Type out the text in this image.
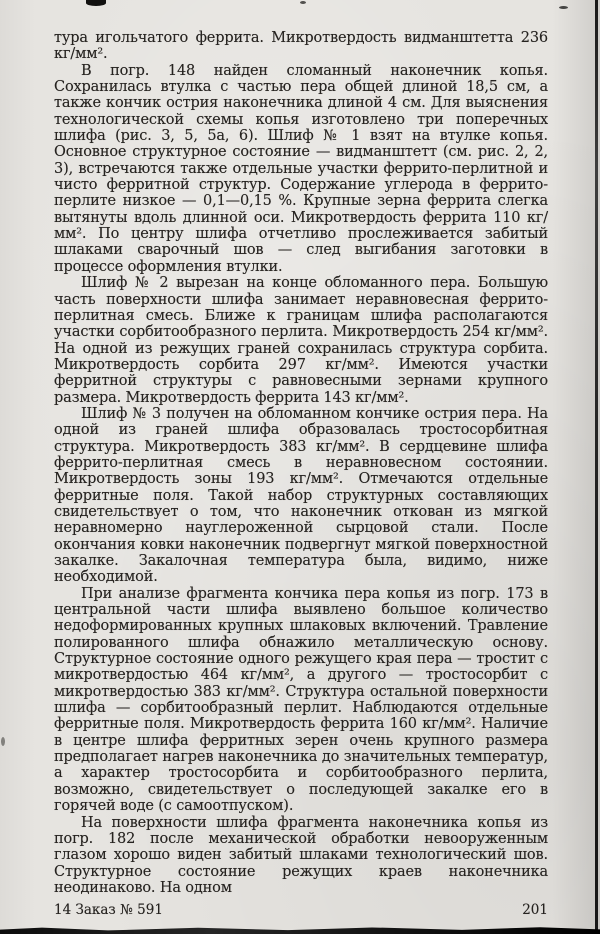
тура игольчатого феррита. Микротвердость видманштетта 236 кг/мм².

В погр. 148 найден сломанный наконечник копья. Сохранилась втулка с частью пера общей длиной 18,5 см, а также кончик острия наконечника длиной 4 см. Для выяснения технологической схемы копья изготовлено три поперечных шлифа (рис. 3, 5, 5а, 6). Шлиф № 1 взят на втулке копья. Основное структурное состояние — видманштетт (см. рис. 2, 2, 3), встречаются также отдельные участки феррито-перлитной и чисто ферритной структур. Содержание углерода в феррито-перлите низкое — 0,1—0,15 %. Крупные зерна феррита слегка вытянуты вдоль длинной оси. Микротвердость феррита 110 кг/мм². По центру шлифа отчетливо прослеживается забитый шлаками сварочный шов — след выгибания заготовки в процессе оформления втулки.

Шлиф № 2 вырезан на конце обломанного пера. Большую часть поверхности шлифа занимает неравновесная феррито-перлитная смесь. Ближе к границам шлифа располагаются участки сорбитообразного перлита. Микротвердость 254 кг/мм². На одной из режущих граней сохранилась структура сорбита. Микротвердость сорбита 297 кг/мм². Имеются участки ферритной структуры с равновесными зернами крупного размера. Микротвердость феррита 143 кг/мм².

Шлиф № 3 получен на обломанном кончике острия пера. На одной из граней шлифа образовалась тростосорбитная структура. Микротвердость 383 кг/мм². В сердцевине шлифа феррито-перлитная смесь в неравновесном состоянии. Микротвердость зоны 193 кг/мм². Отмечаются отдельные ферритные поля. Такой набор структурных составляющих свидетельствует о том, что наконечник откован из мягкой неравномерно науглероженной сырцовой стали. После окончания ковки наконечник подвергнут мягкой поверхностной закалке. Закалочная температура была, видимо, ниже необходимой.

При анализе фрагмента кончика пера копья из погр. 173 в центральной части шлифа выявлено большое количество недоформированных крупных шлаковых включений. Травление полированного шлифа обнажило металлическую основу. Структурное состояние одного режущего края пера — тростит с микротвердостью 464 кг/мм², а другого — тростосорбит с микротвердостью 383 кг/мм². Структура остальной поверхности шлифа — сорбитообразный перлит. Наблюдаются отдельные ферритные поля. Микротвердость феррита 160 кг/мм². Наличие в центре шлифа ферритных зерен очень крупного размера предполагает нагрев наконечника до значительных температур, а характер тростосорбита и сорбитообразного перлита, возможно, свидетельствует о последующей закалке его в горячей воде (с самоотпуском).

На поверхности шлифа фрагмента наконечника копья из погр. 182 после механической обработки невооруженным глазом хорошо виден забитый шлаками технологический шов. Структурное состояние режущих краев наконечника неодинаково. На одном

14 Заказ № 591	201
